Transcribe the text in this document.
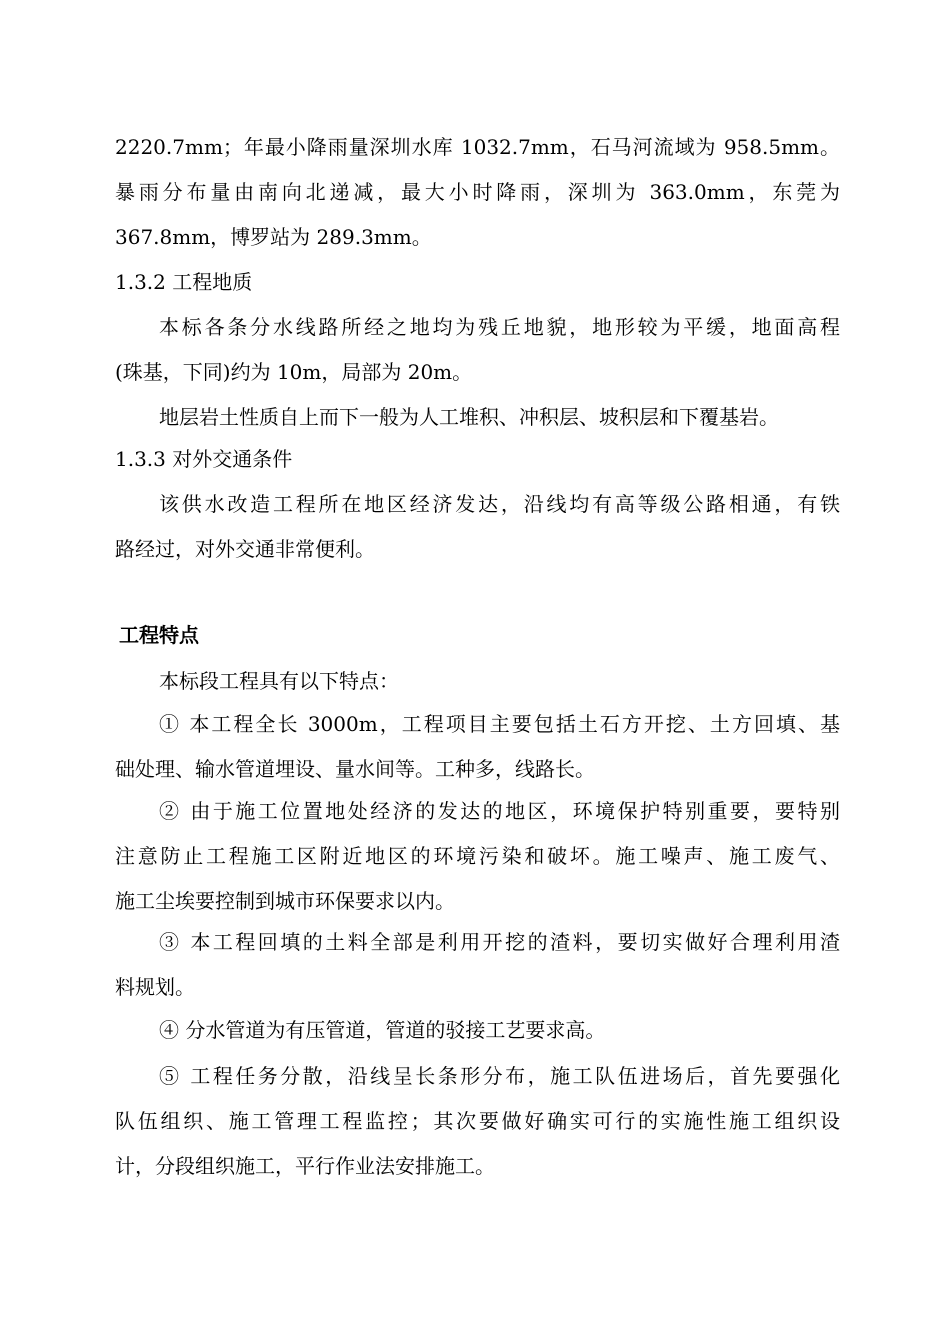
2220.7mm；年最小降雨量深圳水库 1032.7mm，石马河流域为 958.5mm。
暴雨分布量由南向北递减，最大小时降雨，深圳为 363.0mm，东莞为
367.8mm，博罗站为 289.3mm。
1.3.2 工程地质
本标各条分水线路所经之地均为残丘地貌，地形较为平缓，地面高程
(珠基，下同)约为 10m，局部为 20m。
地层岩土性质自上而下一般为人工堆积、冲积层、坡积层和下覆基岩。
1.3.3 对外交通条件
该供水改造工程所在地区经济发达，沿线均有高等级公路相通，有铁
路经过，对外交通非常便利。
工程特点
本标段工程具有以下特点：
① 本工程全长 3000m，工程项目主要包括土石方开挖、土方回填、基
础处理、输水管道埋设、量水间等。工种多，线路长。
② 由于施工位置地处经济的发达的地区，环境保护特别重要，要特别
注意防止工程施工区附近地区的环境污染和破坏。施工噪声、施工废气、
施工尘埃要控制到城市环保要求以内。
③ 本工程回填的土料全部是利用开挖的渣料，要切实做好合理利用渣
料规划。
④ 分水管道为有压管道，管道的驳接工艺要求高。
⑤ 工程任务分散，沿线呈长条形分布，施工队伍进场后，首先要强化
队伍组织、施工管理工程监控；其次要做好确实可行的实施性施工组织设
计，分段组织施工，平行作业法安排施工。
